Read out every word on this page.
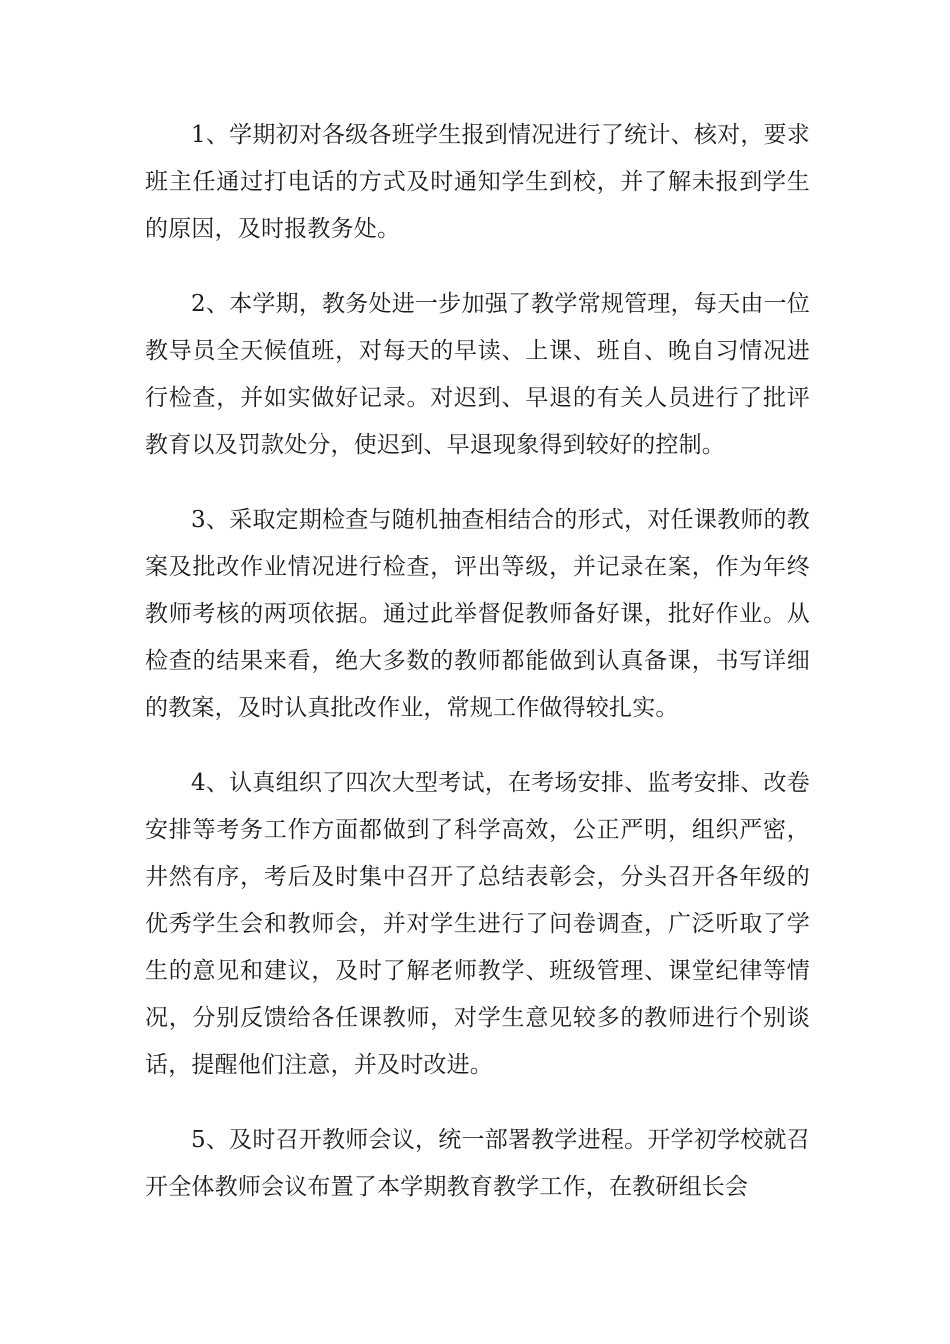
1、学期初对各级各班学生报到情况进行了统计、核对，要求班主任通过打电话的方式及时通知学生到校，并了解未报到学生的原因，及时报教务处。

2、本学期，教务处进一步加强了教学常规管理，每天由一位教导员全天候值班，对每天的早读、上课、班自、晚自习情况进行检查，并如实做好记录。对迟到、早退的有关人员进行了批评教育以及罚款处分，使迟到、早退现象得到较好的控制。

3、采取定期检查与随机抽查相结合的形式，对任课教师的教案及批改作业情况进行检查，评出等级，并记录在案，作为年终教师考核的两项依据。通过此举督促教师备好课，批好作业。从检查的结果来看，绝大多数的教师都能做到认真备课，书写详细的教案，及时认真批改作业，常规工作做得较扎实。

4、认真组织了四次大型考试，在考场安排、监考安排、改卷安排等考务工作方面都做到了科学高效，公正严明，组织严密，井然有序，考后及时集中召开了总结表彰会，分头召开各年级的优秀学生会和教师会，并对学生进行了问卷调查，广泛听取了学生的意见和建议，及时了解老师教学、班级管理、课堂纪律等情况，分别反馈给各任课教师，对学生意见较多的教师进行个别谈话，提醒他们注意，并及时改进。

5、及时召开教师会议，统一部署教学进程。开学初学校就召开全体教师会议布置了本学期教育教学工作，在教研组长会
